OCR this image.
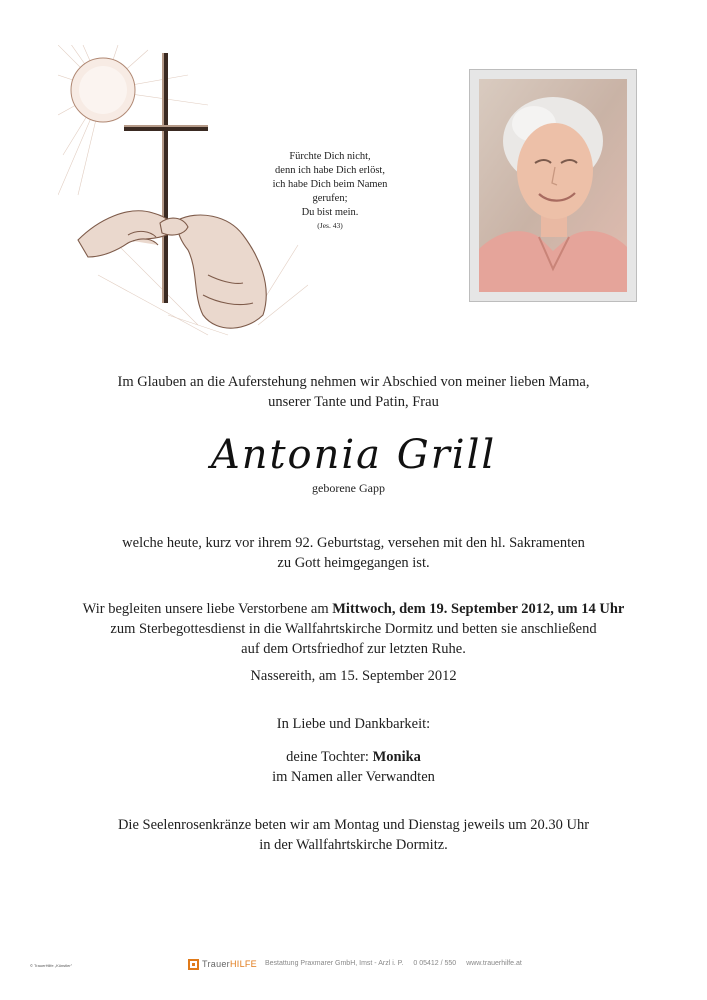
Fürchte Dich nicht,
denn ich habe Dich erlöst,
ich habe Dich beim Namen gerufen;
Du bist mein.
(Jes. 43)
Im Glauben an die Auferstehung nehmen wir Abschied von meiner lieben Mama,
unserer Tante und Patin, Frau
Antonia Grill
geborene Gapp
welche heute, kurz vor ihrem 92. Geburtstag, versehen mit den hl. Sakramenten
zu Gott heimgegangen ist.
Wir begleiten unsere liebe Verstorbene am Mittwoch, dem 19. September 2012, um 14 Uhr
zum Sterbegottesdienst in die Wallfahrtskirche Dormitz und betten sie anschließend
auf dem Ortsfriedhof zur letzten Ruhe.
Nassereith, am 15. September 2012
In Liebe und Dankbarkeit:
deine Tochter: Monika
im Namen aller Verwandten
Die Seelenrosenkränze beten wir am Montag und Dienstag jeweils um 20.30 Uhr
in der Wallfahrtskirche Dormitz.
© TrauerHilfe „Künstler"	TrauerHILFE Bestattung Praxmarer GmbH, Imst - Arzl i. P. 0 05412 / 550 www.trauerhilfe.at
